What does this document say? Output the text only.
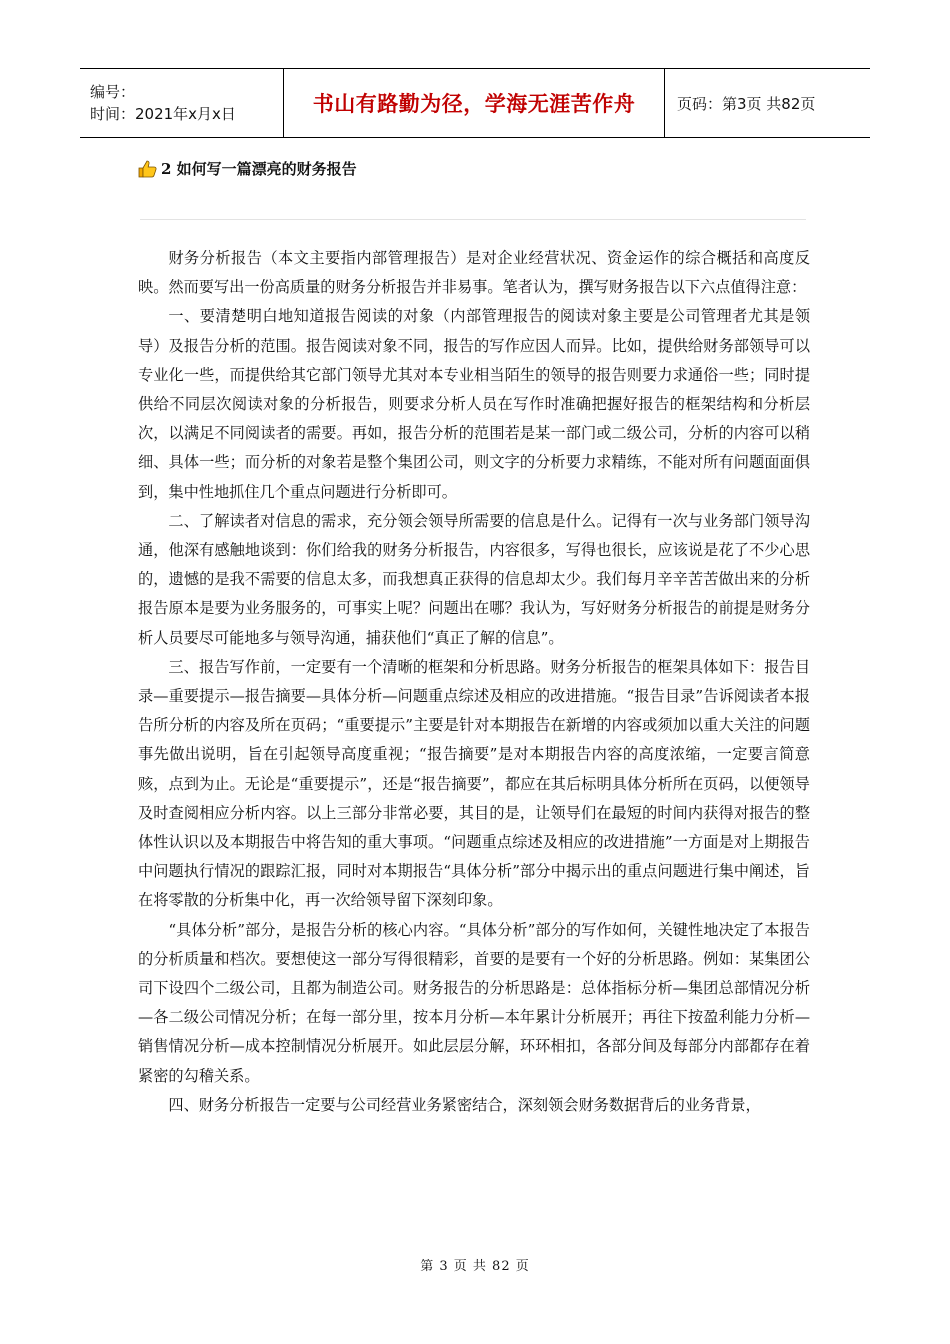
编号：
时间：2021年x月x日	书山有路勤为径，学海无涯苦作舟	页码：第3页 共82页
2 如何写一篇漂亮的财务报告

财务分析报告（本文主要指内部管理报告）是对企业经营状况、资金运作的综合概括和高度反映。然而要写出一份高质量的财务分析报告并非易事。笔者认为，撰写财务报告以下六点值得注意：

一、要清楚明白地知道报告阅读的对象（内部管理报告的阅读对象主要是公司管理者尤其是领导）及报告分析的范围。报告阅读对象不同，报告的写作应因人而异。比如，提供给财务部领导可以专业化一些，而提供给其它部门领导尤其对本专业相当陌生的领导的报告则要力求通俗一些；同时提供给不同层次阅读对象的分析报告，则要求分析人员在写作时准确把握好报告的框架结构和分析层次，以满足不同阅读者的需要。再如，报告分析的范围若是某一部门或二级公司，分析的内容可以稍细、具体一些；而分析的对象若是整个集团公司，则文字的分析要力求精练，不能对所有问题面面俱到，集中性地抓住几个重点问题进行分析即可。

二、了解读者对信息的需求，充分领会领导所需要的信息是什么。记得有一次与业务部门领导沟通，他深有感触地谈到：你们给我的财务分析报告，内容很多，写得也很长，应该说是花了不少心思的，遗憾的是我不需要的信息太多，而我想真正获得的信息却太少。我们每月辛辛苦苦做出来的分析报告原本是要为业务服务的，可事实上呢？问题出在哪？我认为，写好财务分析报告的前提是财务分析人员要尽可能地多与领导沟通，捕获他们“真正了解的信息”。

三、报告写作前，一定要有一个清晰的框架和分析思路。财务分析报告的框架具体如下：报告目录—重要提示—报告摘要—具体分析—问题重点综述及相应的改进措施。“报告目录”告诉阅读者本报告所分析的内容及所在页码；“重要提示”主要是针对本期报告在新增的内容或须加以重大关注的问题事先做出说明，旨在引起领导高度重视；“报告摘要”是对本期报告内容的高度浓缩，一定要言简意赅，点到为止。无论是“重要提示”，还是“报告摘要”，都应在其后标明具体分析所在页码，以便领导及时查阅相应分析内容。以上三部分非常必要，其目的是，让领导们在最短的时间内获得对报告的整体性认识以及本期报告中将告知的重大事项。“问题重点综述及相应的改进措施”一方面是对上期报告中问题执行情况的跟踪汇报，同时对本期报告“具体分析”部分中揭示出的重点问题进行集中阐述，旨在将零散的分析集中化，再一次给领导留下深刻印象。

“具体分析”部分，是报告分析的核心内容。“具体分析”部分的写作如何，关键性地决定了本报告的分析质量和档次。要想使这一部分写得很精彩，首要的是要有一个好的分析思路。例如：某集团公司下设四个二级公司，且都为制造公司。财务报告的分析思路是：总体指标分析—集团总部情况分析—各二级公司情况分析；在每一部分里，按本月分析—本年累计分析展开；再往下按盈利能力分析—销售情况分析—成本控制情况分析展开。如此层层分解，环环相扣，各部分间及每部分内部都存在着紧密的勾稽关系。

四、财务分析报告一定要与公司经营业务紧密结合，深刻领会财务数据背后的业务背景，

第 3 页 共 82 页
